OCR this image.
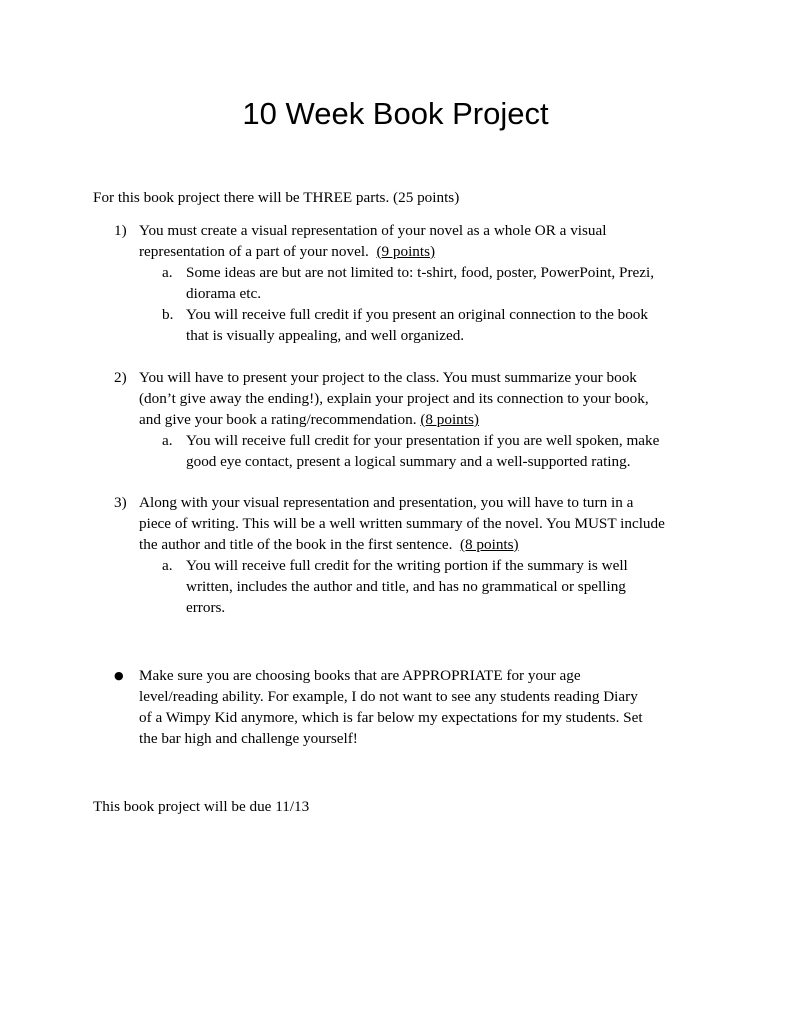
10 Week Book Project

For this book project there will be THREE parts. (25 points)

1) You must create a visual representation of your novel as a whole OR a visual
representation of a part of your novel. (9 points)
a. Some ideas are but are not limited to: t-shirt, food, poster, PowerPoint, Prezi,
diorama etc.
b. You will receive full credit if you present an original connection to the book
that is visually appealing, and well organized.
2) You will have to present your project to the class. You must summarize your book
(don’t give away the ending!), explain your project and its connection to your book,
and give your book a rating/recommendation. (8 points)
a. You will receive full credit for your presentation if you are well spoken, make
good eye contact, present a logical summary and a well-supported rating.
3) Along with your visual representation and presentation, you will have to turn in a
piece of writing. This will be a well written summary of the novel. You MUST include
the author and title of the book in the first sentence. (8 points)
a. You will receive full credit for the writing portion if the summary is well
written, includes the author and title, and has no grammatical or spelling
errors.
● Make sure you are choosing books that are APPROPRIATE for your age
level/reading ability. For example, I do not want to see any students reading Diary
of a Wimpy Kid anymore, which is far below my expectations for my students. Set
the bar high and challenge yourself!

This book project will be due 11/13
